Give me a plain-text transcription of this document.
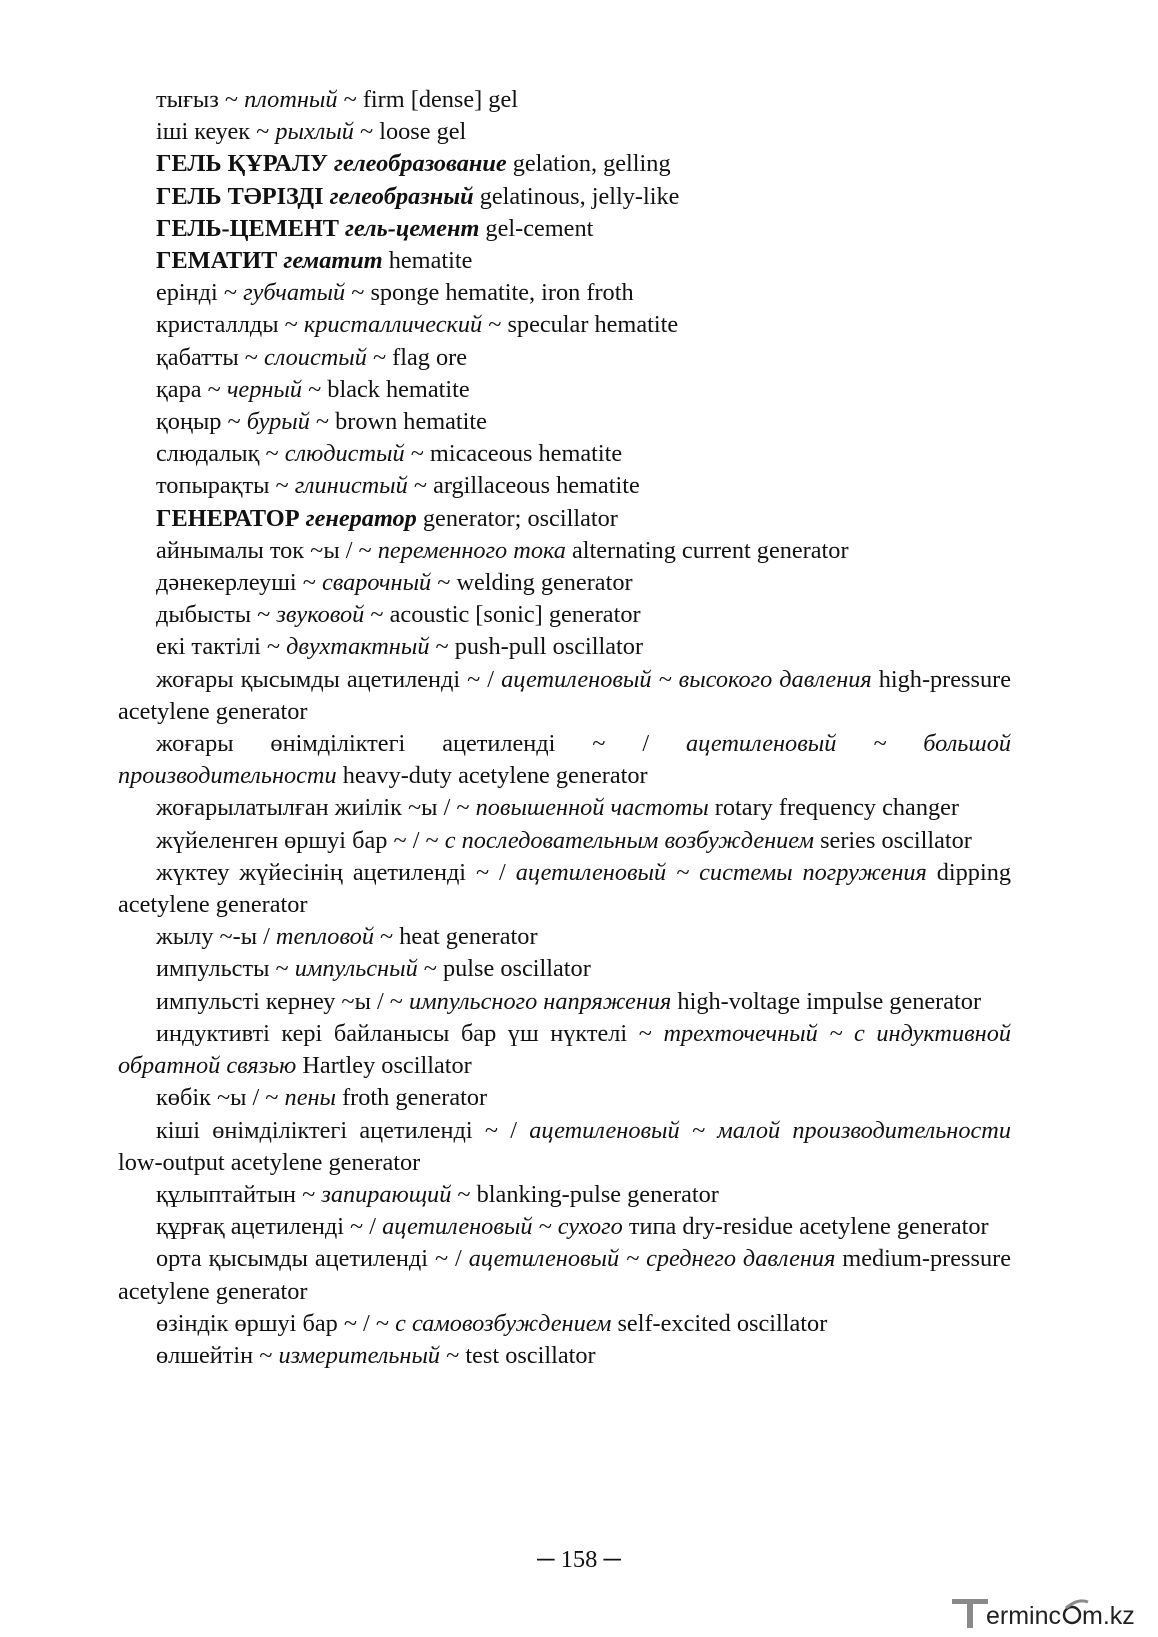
тығыз ~ плотный ~ firm [dense] gel

іші кеуек ~ рыхлый ~ loose gel

ГЕЛЬ ҚҰРАЛУ гелеобразование gelation, gelling

ГЕЛЬ ТӘРІЗДІ гелеобразный gelatinous, jelly-like

ГЕЛЬ-ЦЕМЕНТ гель-цемент gel-cement

ГЕМАТИТ гематит hematite

ерінді ~ губчатый ~ sponge hematite, iron froth

кристаллды ~ кристаллический ~ specular hematite

қабатты ~ слоистый ~ flag ore

қара ~ черный ~ black hematite

қоңыр ~ бурый ~ brown hematite

слюдалық ~ слюдистый ~ micaceous hematite

топырақты ~ глинистый ~ argillaceous hematite

ГЕНЕРАТОР генератор generator; oscillator

айнымалы ток ~ы / ~ переменного тока alternating current generator

дәнекерлеуші ~ сварочный ~ welding generator

дыбысты ~ звуковой ~ acoustic [sonic] generator

екі тактілі ~ двухтактный ~ push-pull oscillator

жоғары қысымды ацетиленді ~ / ацетиленовый ~ высокого давления high-pressure acetylene generator

жоғары өнімділіктегі ацетиленді ~ / ацетиленовый ~ большой производительности heavy-duty acetylene generator

жоғарылатылған жиілік ~ы / ~ повышенной частоты rotary frequency changer

жүйеленген өршуі бар ~ / ~ с последовательным возбуждением series oscillator

жүктеу жүйесінің ацетиленді ~ / ацетиленовый ~ системы погружения dipping acetylene generator

жылу ~-ы / тепловой ~ heat generator

импульсты ~ импульсный ~ pulse oscillator

импульсті кернеу ~ы / ~ импульсного напряжения high-voltage impulse generator

индуктивті кері байланысы бар үш нүктелі ~ трехточечный ~ с индуктивной обратной связью Hartley oscillator

көбік ~ы / ~ пены froth generator

кіші өнімділіктегі ацетиленді ~ / ацетиленовый ~ малой производительности low-output acetylene generator

құлыптайтын ~ запирающий ~ blanking-pulse generator

құрғақ ацетиленді ~ / ацетиленовый ~ сухого типа dry-residue acetylene generator

орта қысымды ацетиленді ~ / ацетиленовый ~ среднего давления medium-pressure acetylene generator

өзіндік өршуі бар ~ / ~ с самовозбуждением self-excited oscillator

өлшейтін ~ измерительный ~ test oscillator

─ 158 ─
erminc m.kz
